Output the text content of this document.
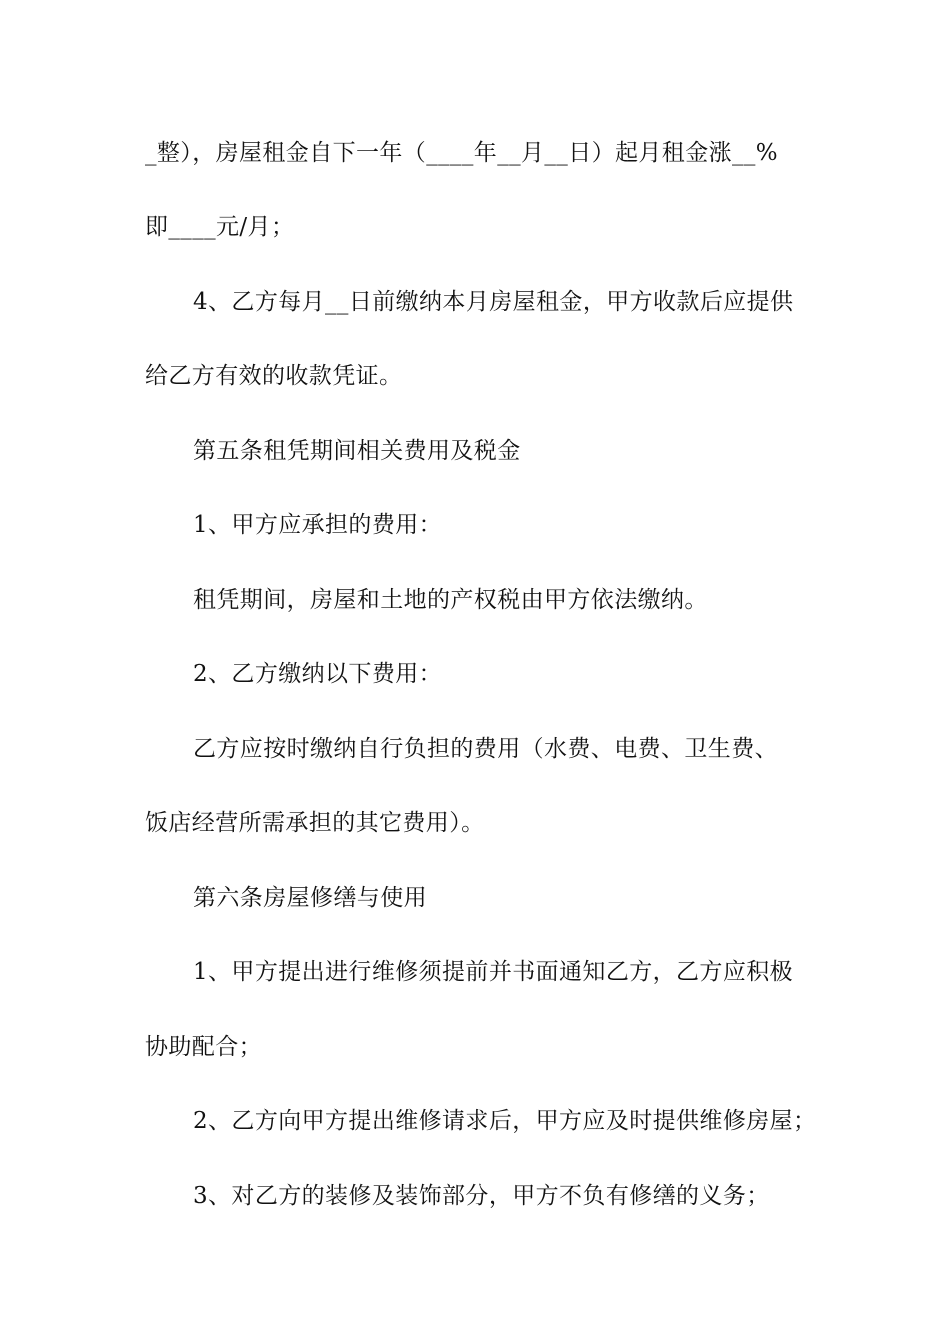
_整），房屋租金自下一年（____年__月__日）起月租金涨__%
即____元/月；
4、乙方每月__日前缴纳本月房屋租金，甲方收款后应提供
给乙方有效的收款凭证。
第五条租凭期间相关费用及税金
1、甲方应承担的费用：
租凭期间，房屋和土地的产权税由甲方依法缴纳。
2、乙方缴纳以下费用：
乙方应按时缴纳自行负担的费用（水费、电费、卫生费、
饭店经营所需承担的其它费用）。
第六条房屋修缮与使用
1、甲方提出进行维修须提前并书面通知乙方，乙方应积极
协助配合；
2、乙方向甲方提出维修请求后，甲方应及时提供维修房屋；
3、对乙方的装修及装饰部分，甲方不负有修缮的义务；
